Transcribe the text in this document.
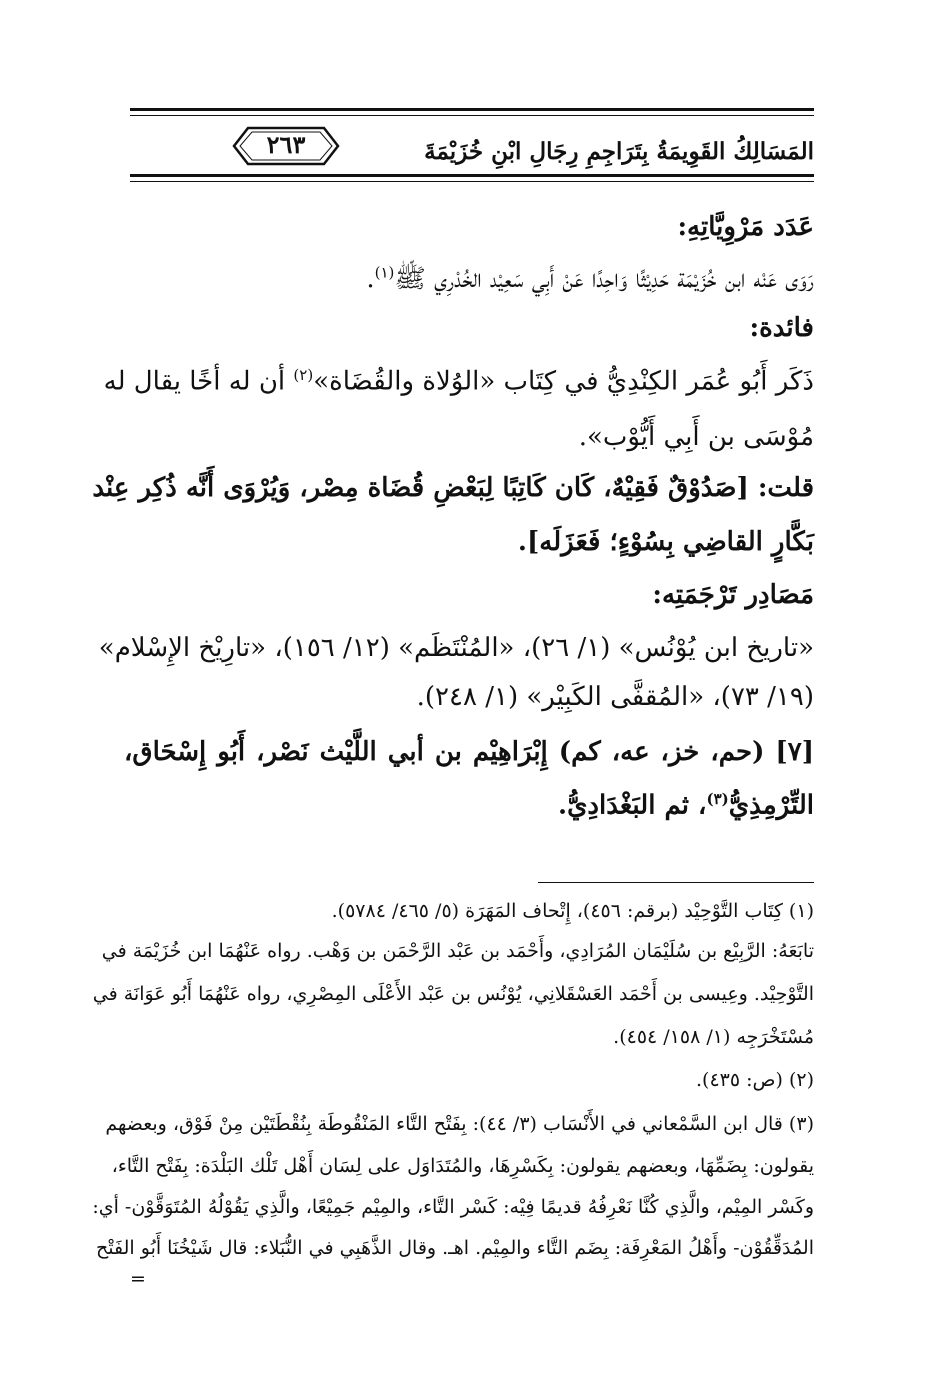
المَسَالِكُ القَوِيمَةُ بِتَرَاجِمِ رِجَالِ ابْنِ خُزَيْمَةَ
٢٦٣
عَدَد مَرْوِيَّاتِهِ:
رَوَى عَنْه ابن خُزَيْمَة حَدِيْثًا وَاحِدًا عَنْ أَبِي سَعِيْد الخُدْرِي ﷺ$^{(١)}$.
فائدة:
ذَكَر أَبُو عُمَر الكِنْدِيُّ في كِتَاب «الوُلاة والقُضَاة»$^{(٢)}$ أن له أخًا يقال له
مُوْسَى بن أَبِي أَيُّوْب».
قلت: [صَدُوْقٌ فَقِيْهٌ، كَان كَاتِبًا لِبَعْضِ قُضَاة مِصْر، وَيُرْوَى أَنَّه ذُكِر عِنْد
بَكَّارٍ القاضِي بِسُوْءٍ؛ فَعَزَلَه].
مَصَادِر تَرْجَمَتِه:
«تاريخ ابن يُوْنُس» (١/ ٢٦)، «المُنْتَظَم» (١٢/ ١٥٦)، «تارِيْخ الإِسْلام»
(١٩/ ٧٣)، «المُقفَّى الكَبِيْر» (١/ ٢٤٨).
[٧] (حم، خز، عه، كم) إِبْرَاهِيْم بن أبي اللَّيْث نَصْر، أَبُو إِسْحَاق،
التِّرْمِذِيُّ$^{(٣)}$، ثم البَغْدَادِيُّ.
(١) كِتَاب التَّوْحِيْد (برقم: ٤٥٦)، إِتْحاف المَهَرَة (٥/ ٤٦٥/ ٥٧٨٤).
تابَعَهُ: الرَّبِيْع بن سُلَيْمَان المُرَادِي، وأَحْمَد بن عَبْد الرَّحْمَن بن وَهْب. رواه عَنْهُمَا ابن خُزَيْمَة في
التَّوْحِيْد. وعِيسى بن أَحْمَد العَسْقَلانِي، يُوْنُس بن عَبْد الأَعْلَى المِصْرِي، رواه عَنْهُمَا أَبُو عَوَانَة في
مُسْتَخْرَجِه (١/ ١٥٨/ ٤٥٤).
(٢) (ص: ٤٣٥).
(٣) قال ابن السَّمْعاني في الأَنْسَاب (٣/ ٤٤): بِفَتْح التَّاء المَنْقُوطَة بِنُقْطَتَيْن مِنْ فَوْق، وبعضهم
يقولون: بِضَمِّهَا، وبعضهم يقولون: بِكَسْرِهَا، والمُتَدَاوَل على لِسَان أَهْل تَلْك البَلْدَة: بِفَتْح التَّاء،
وكَسْر المِيْم، والَّذِي كُنَّا نَعْرِفُهُ قديمًا فِيْه: كَسْر التَّاء، والمِيْم جَمِيْعًا، والَّذِي يَقُوْلُهُ المُتَوَقَّوْن- أي:
المُدَقِّقُوْن- وأَهْلُ المَعْرِفَة: بِضَم التَّاء والمِيْم. اهـ. وقال الذَّهَبِي في النُّبَلاء: قال شَيْخُنَا أَبُو الفَتْح
=
